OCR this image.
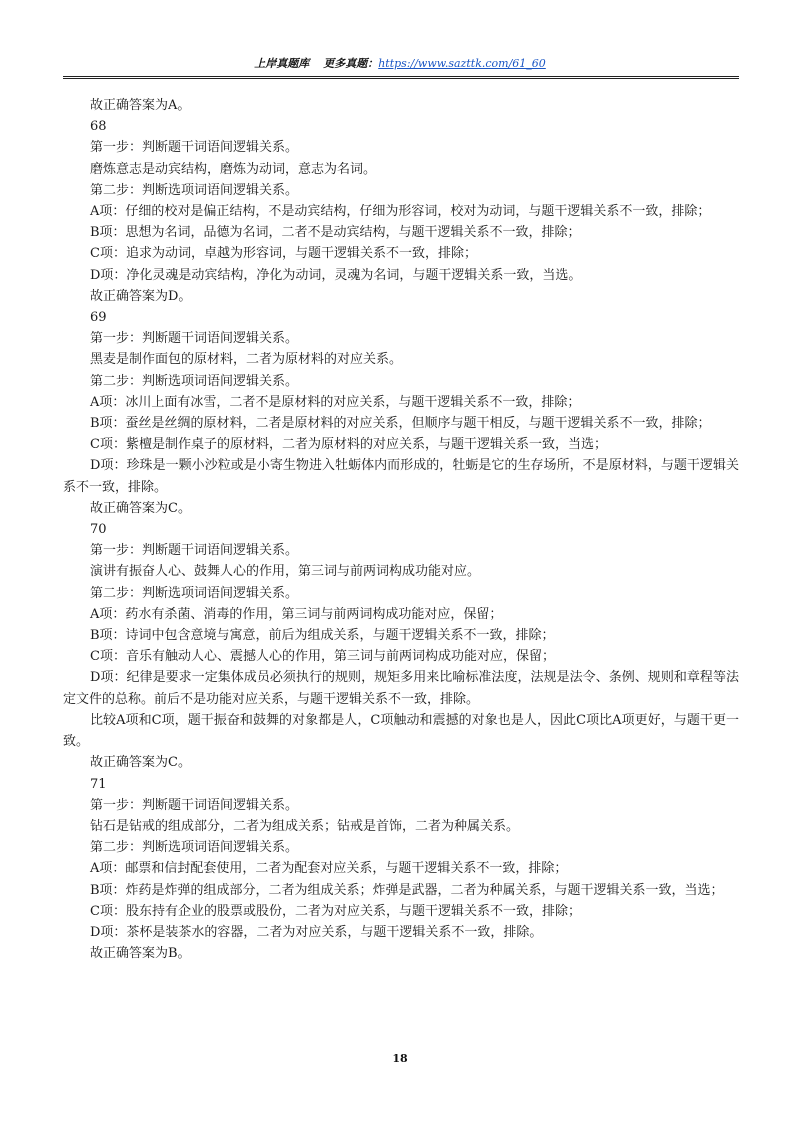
上岸真题库 更多真题：https://www.sazttk.com/61_60

故正确答案为A。

68

第一步：判断题干词语间逻辑关系。

磨炼意志是动宾结构，磨炼为动词，意志为名词。

第二步：判断选项词语间逻辑关系。

A项：仔细的校对是偏正结构，不是动宾结构，仔细为形容词，校对为动词，与题干逻辑关系不一致，排除；

B项：思想为名词，品德为名词，二者不是动宾结构，与题干逻辑关系不一致，排除；

C项：追求为动词，卓越为形容词，与题干逻辑关系不一致，排除；

D项：净化灵魂是动宾结构，净化为动词，灵魂为名词，与题干逻辑关系一致，当选。

故正确答案为D。

69

第一步：判断题干词语间逻辑关系。

黑麦是制作面包的原材料，二者为原材料的对应关系。

第二步：判断选项词语间逻辑关系。

A项：冰川上面有冰雪，二者不是原材料的对应关系，与题干逻辑关系不一致，排除；

B项：蚕丝是丝绸的原材料，二者是原材料的对应关系，但顺序与题干相反，与题干逻辑关系不一致，排除；

C项：紫檀是制作桌子的原材料，二者为原材料的对应关系，与题干逻辑关系一致，当选；

D项：珍珠是一颗小沙粒或是小寄生物进入牡蛎体内而形成的，牡蛎是它的生存场所，不是原材料，与题干逻辑关系不一致，排除。

故正确答案为C。

70

第一步：判断题干词语间逻辑关系。

演讲有振奋人心、鼓舞人心的作用，第三词与前两词构成功能对应。

第二步：判断选项词语间逻辑关系。

A项：药水有杀菌、消毒的作用，第三词与前两词构成功能对应，保留；

B项：诗词中包含意境与寓意，前后为组成关系，与题干逻辑关系不一致，排除；

C项：音乐有触动人心、震撼人心的作用，第三词与前两词构成功能对应，保留；

D项：纪律是要求一定集体成员必须执行的规则，规矩多用来比喻标准法度，法规是法令、条例、规则和章程等法定文件的总称。前后不是功能对应关系，与题干逻辑关系不一致，排除。

比较A项和C项，题干振奋和鼓舞的对象都是人，C项触动和震撼的对象也是人，因此C项比A项更好，与题干更一致。

故正确答案为C。

71

第一步：判断题干词语间逻辑关系。

钻石是钻戒的组成部分，二者为组成关系；钻戒是首饰，二者为种属关系。

第二步：判断选项词语间逻辑关系。

A项：邮票和信封配套使用，二者为配套对应关系，与题干逻辑关系不一致，排除；

B项：炸药是炸弹的组成部分，二者为组成关系；炸弹是武器，二者为种属关系，与题干逻辑关系一致，当选；

C项：股东持有企业的股票或股份，二者为对应关系，与题干逻辑关系不一致，排除；

D项：茶杯是装茶水的容器，二者为对应关系，与题干逻辑关系不一致，排除。

故正确答案为B。

18
